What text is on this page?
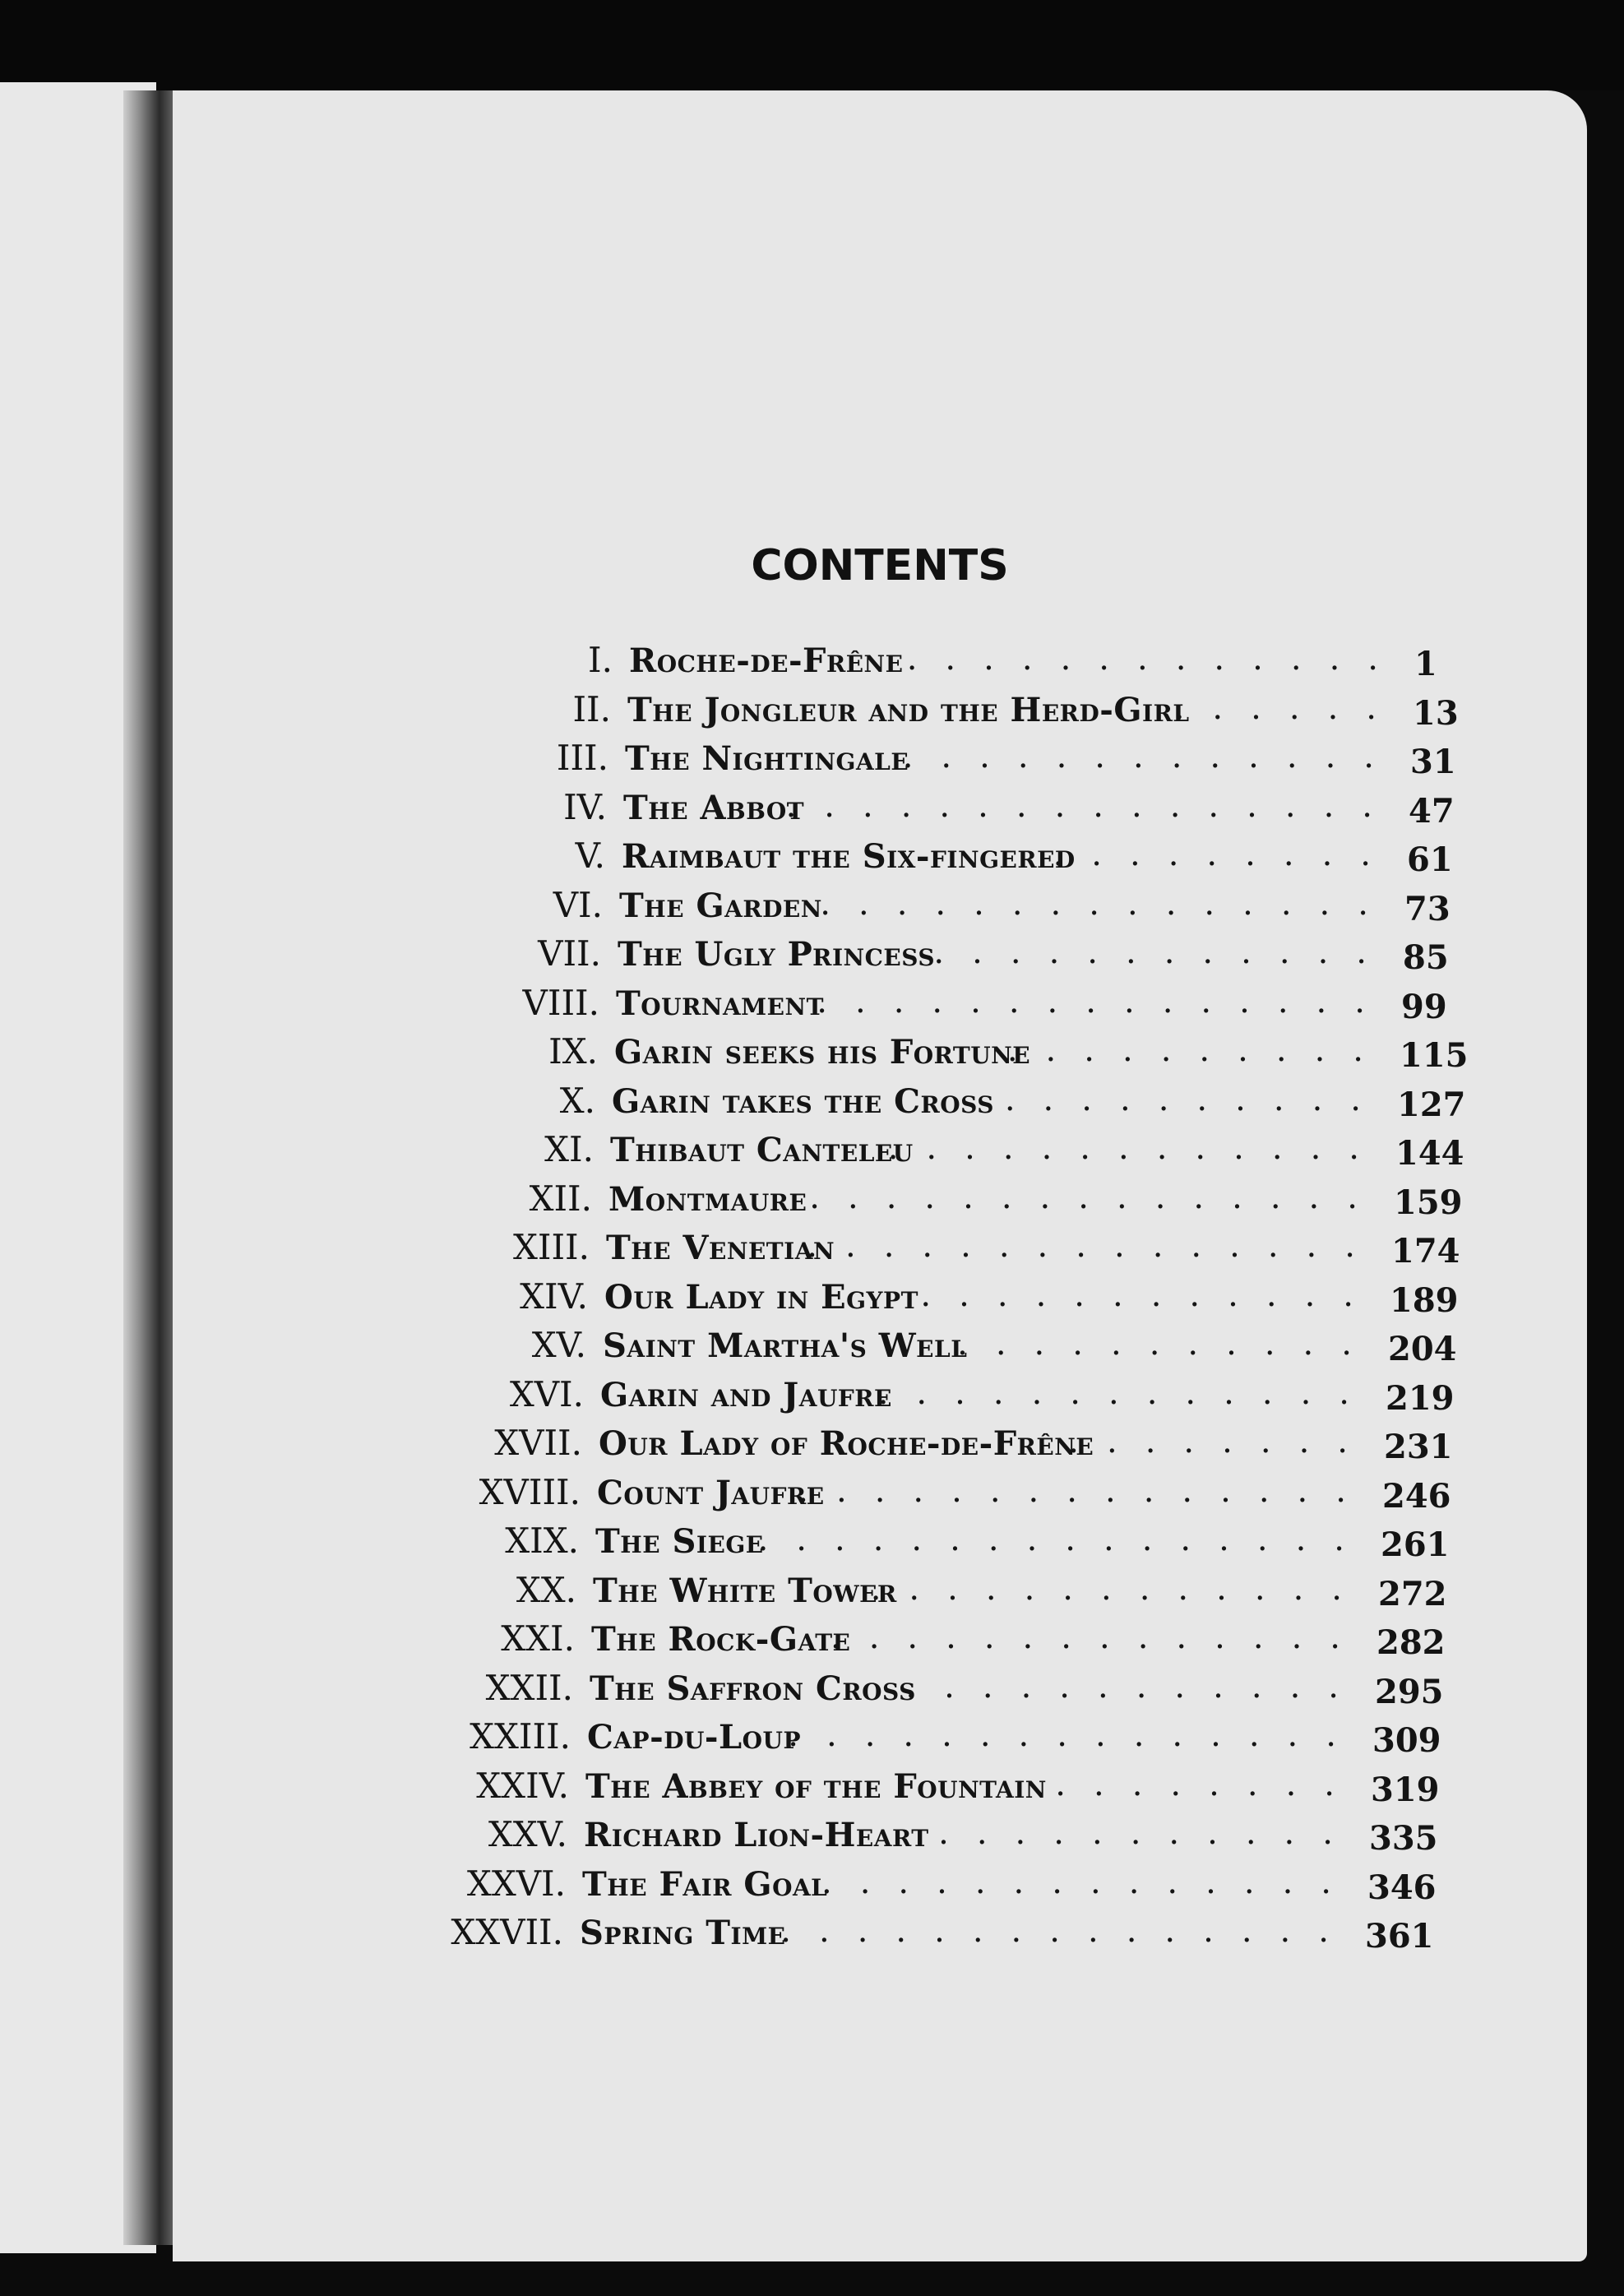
CONTENTS
I. Roche-de-Frêne	1
.............
II. The Jongleur and the Herd-Girl	13
......
III. The Nightingale	31
.............
IV. The Abbot	47
................
V. Raimbaut the Six-fingered	61
.........
VI. The Garden	73
...............
VII. The Ugly Princess	85
............
VIII. Tournament	99
...............
IX. Garin seeks his Fortune	115
..........
X. Garin takes the Cross	127
..........
XI. Thibaut Canteleu	144
.............
XII. Montmaure	159
...............
XIII. The Venetian	174
...............
XIV. Our Lady in Egypt	189
............
XV. Saint Martha's Well	204
...........
XVI. Garin and Jaufre	219
.............
XVII. Our Lady of Roche-de-Frêne	231
........
XVIII. Count Jaufre	246
...............
XIX. The Siege	261
................
XX. The White Tower	272
.............
XXI. The Rock-Gate	282
..............
XXII. The Saffron Cross	295
............
XXIII. Cap-du-Loup	309
...............
XXIV. The Abbey of the Fountain	319
........
XXV. Richard Lion-Heart	335
...........
XXVI. The Fair Goal	346
..............
XXVII. Spring Time	361
...............
